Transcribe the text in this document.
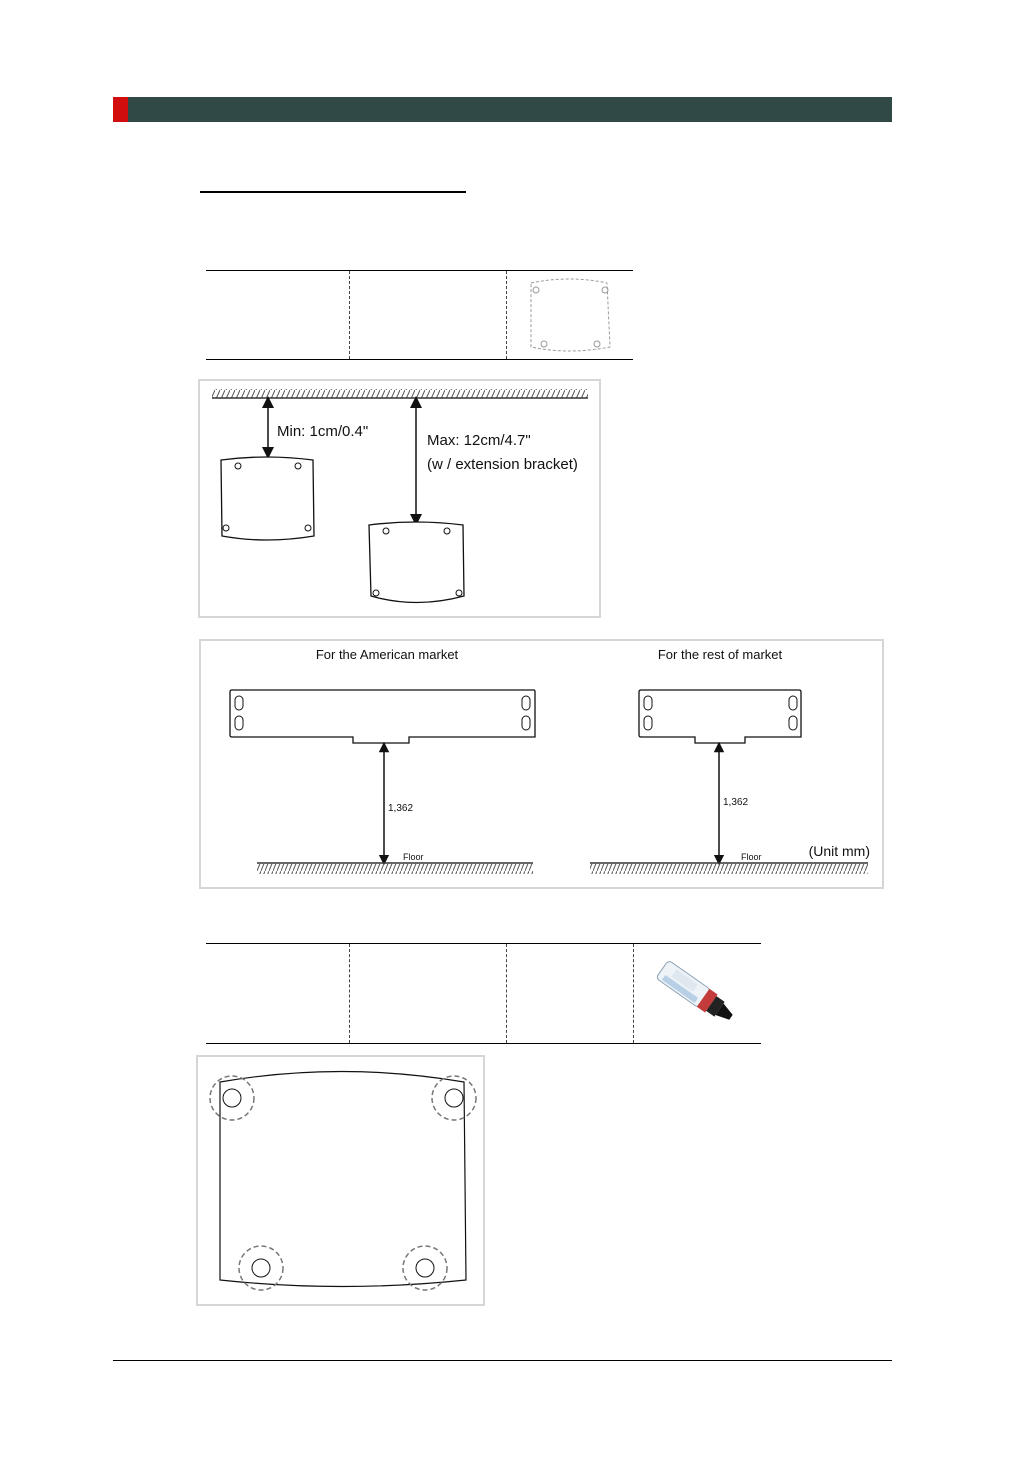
Min: 1cm/0.4"
Max: 12cm/4.7"
(w / extension bracket)
For the American market
1,362
Floor
For the rest of market
1,362
Floor	(Unit mm)
